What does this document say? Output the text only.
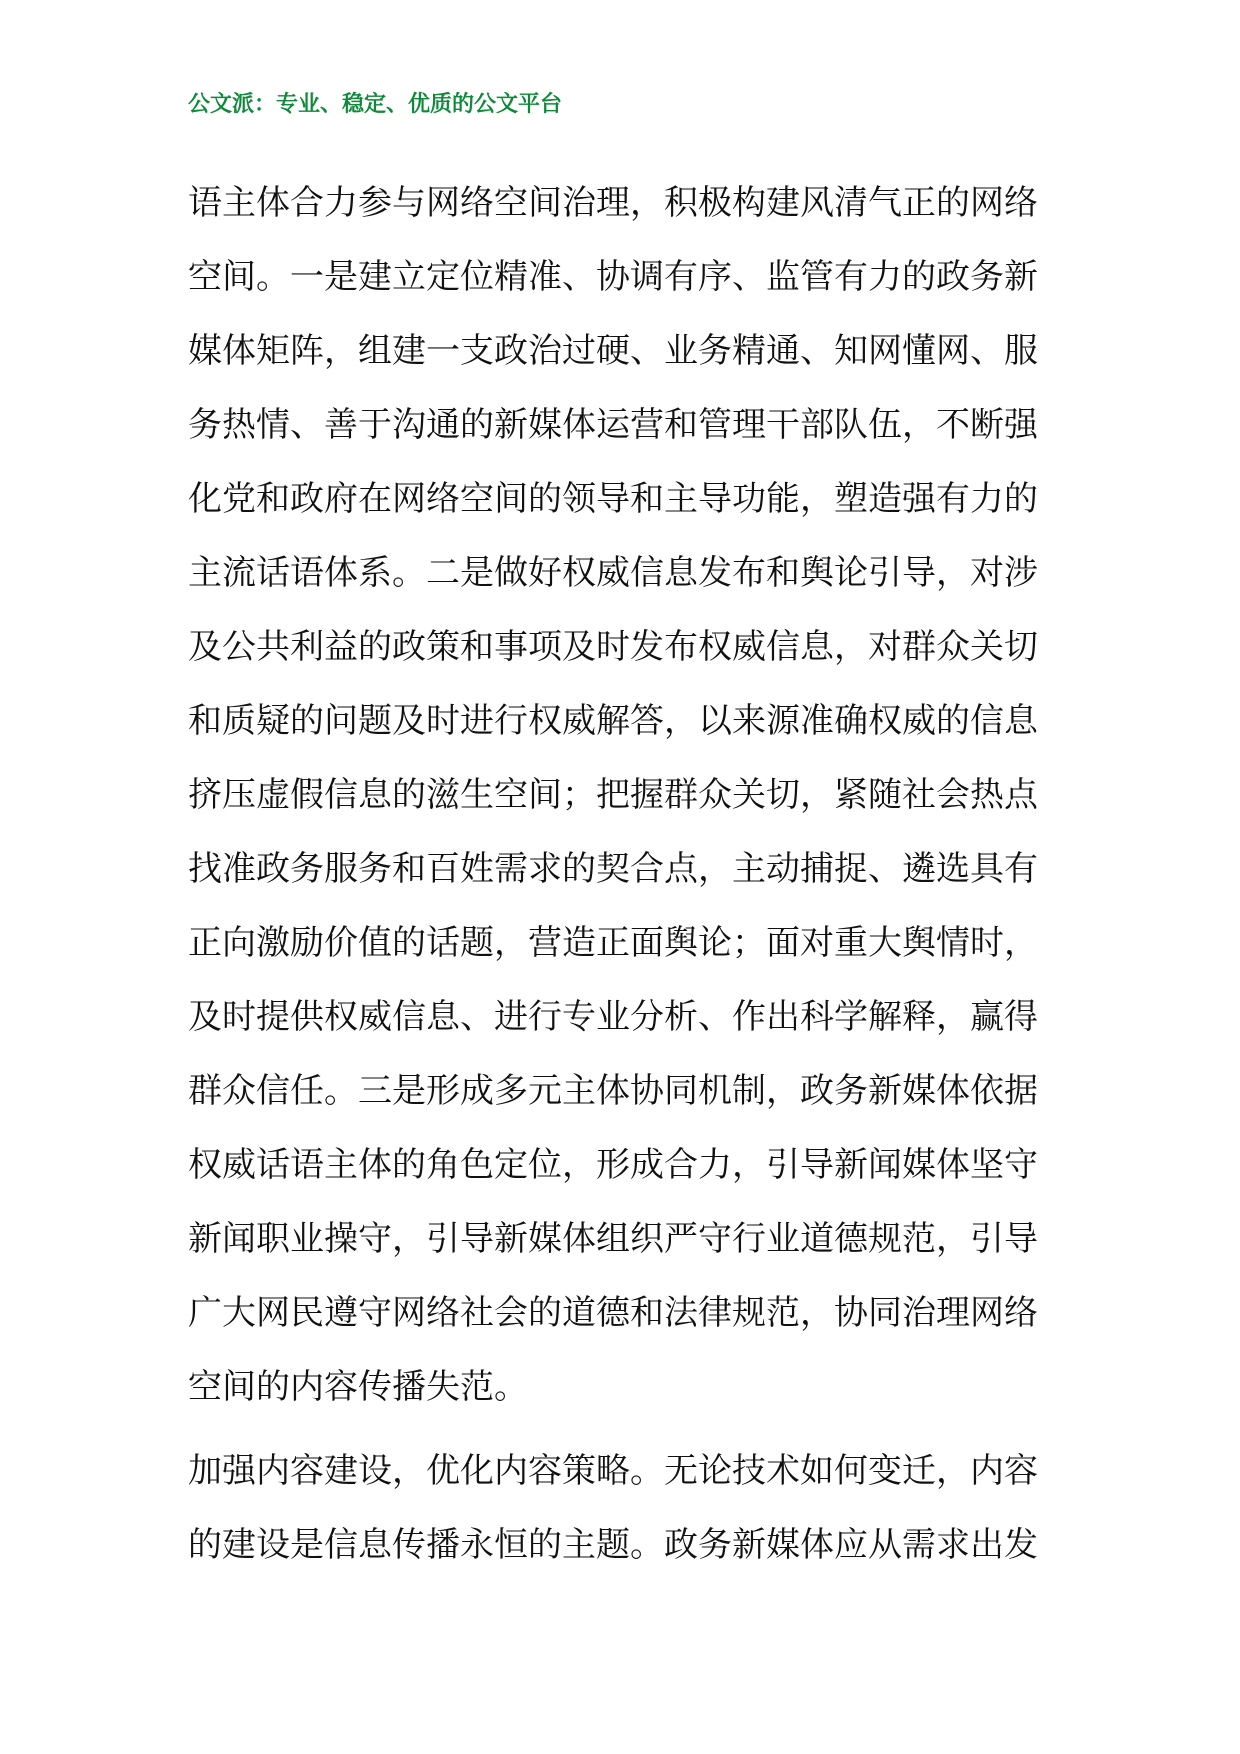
公文派：专业、稳定、优质的公文平台
语主体合力参与网络空间治理，积极构建风清气正的网络
空间。一是建立定位精准、协调有序、监管有力的政务新
媒体矩阵，组建一支政治过硬、业务精通、知网懂网、服
务热情、善于沟通的新媒体运营和管理干部队伍，不断强
化党和政府在网络空间的领导和主导功能，塑造强有力的
主流话语体系。二是做好权威信息发布和舆论引导，对涉
及公共利益的政策和事项及时发布权威信息，对群众关切
和质疑的问题及时进行权威解答，以来源准确权威的信息
挤压虚假信息的滋生空间；把握群众关切，紧随社会热点
找准政务服务和百姓需求的契合点，主动捕捉、遴选具有
正向激励价值的话题，营造正面舆论；面对重大舆情时，
及时提供权威信息、进行专业分析、作出科学解释，赢得
群众信任。三是形成多元主体协同机制，政务新媒体依据
权威话语主体的角色定位，形成合力，引导新闻媒体坚守
新闻职业操守，引导新媒体组织严守行业道德规范，引导
广大网民遵守网络社会的道德和法律规范，协同治理网络
空间的内容传播失范。
加强内容建设，优化内容策略。无论技术如何变迁，内容
的建设是信息传播永恒的主题。政务新媒体应从需求出发
